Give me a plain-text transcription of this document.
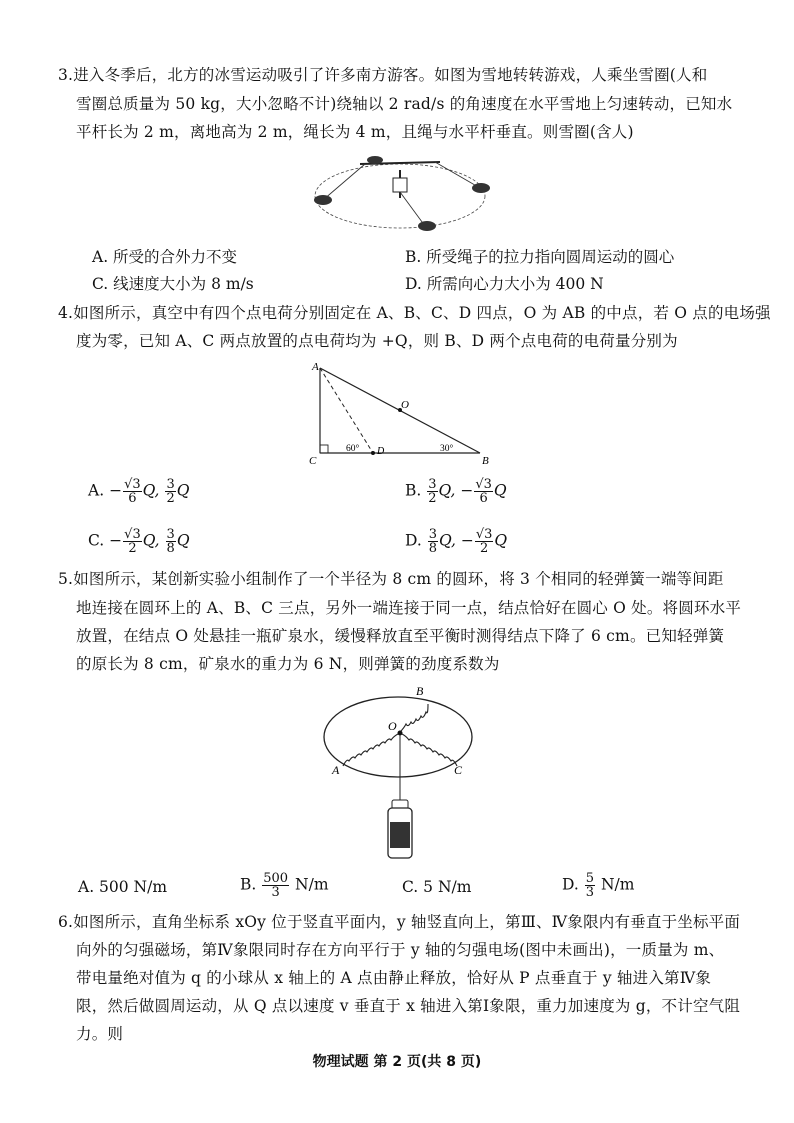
3.进入冬季后，北方的冰雪运动吸引了许多南方游客。如图为雪地转转游戏，人乘坐雪圈(人和
雪圈总质量为 50 kg，大小忽略不计)绕轴以 2 rad/s 的角速度在水平雪地上匀速转动，已知水
平杆长为 2 m，离地高为 2 m，绳长为 4 m，且绳与水平杆垂直。则雪圈(含人)
A. 所受的合外力不变	B. 所受绳子的拉力指向圆周运动的圆心
C. 线速度大小为 8 m/s	D. 所需向心力大小为 400 N
4.如图所示，真空中有四个点电荷分别固定在 A、B、C、D 四点，O 为 AB 的中点，若 O 点的电场强
度为零，已知 A、C 两点放置的点电荷均为 +Q，则 B、D 两个点电荷的电荷量分别为
A
O
C
D
B
60°	30°
A. − $\frac{√3}{6} Q$, $\frac{3}{2}$ Q	B. $\frac{3}{2} Q$, − $\frac{√3}{6}$ Q
C. − $\frac{√3}{2} Q$, $\frac{3}{8}$ Q	D. $\frac{3}{8} Q$, − $\frac{√3}{2}$ Q
5.如图所示，某创新实验小组制作了一个半径为 8 cm 的圆环，将 3 个相同的轻弹簧一端等间距
地连接在圆环上的 A、B、C 三点，另外一端连接于同一点，结点恰好在圆心 O 处。将圆环水平
放置，在结点 O 处悬挂一瓶矿泉水，缓慢释放直至平衡时测得结点下降了 6 cm。已知轻弹簧
的原长为 8 cm，矿泉水的重力为 6 N，则弹簧的劲度系数为
A
B
C
O
A. 500 N/m	B. $\frac{500}{3} N/m$	C. 5 N/m	D. $\frac{5}{3} N/m$
6.如图所示，直角坐标系 xOy 位于竖直平面内，y 轴竖直向上，第Ⅲ、Ⅳ象限内有垂直于坐标平面
向外的匀强磁场，第Ⅳ象限同时存在方向平行于 y 轴的匀强电场(图中未画出)，一质量为 m、
带电量绝对值为 q 的小球从 x 轴上的 A 点由静止释放，恰好从 P 点垂直于 y 轴进入第Ⅳ象
限，然后做圆周运动，从 Q 点以速度 v 垂直于 x 轴进入第Ⅰ象限，重力加速度为 g，不计空气阻
力。则
物理试题 第 2 页(共 8 页)
